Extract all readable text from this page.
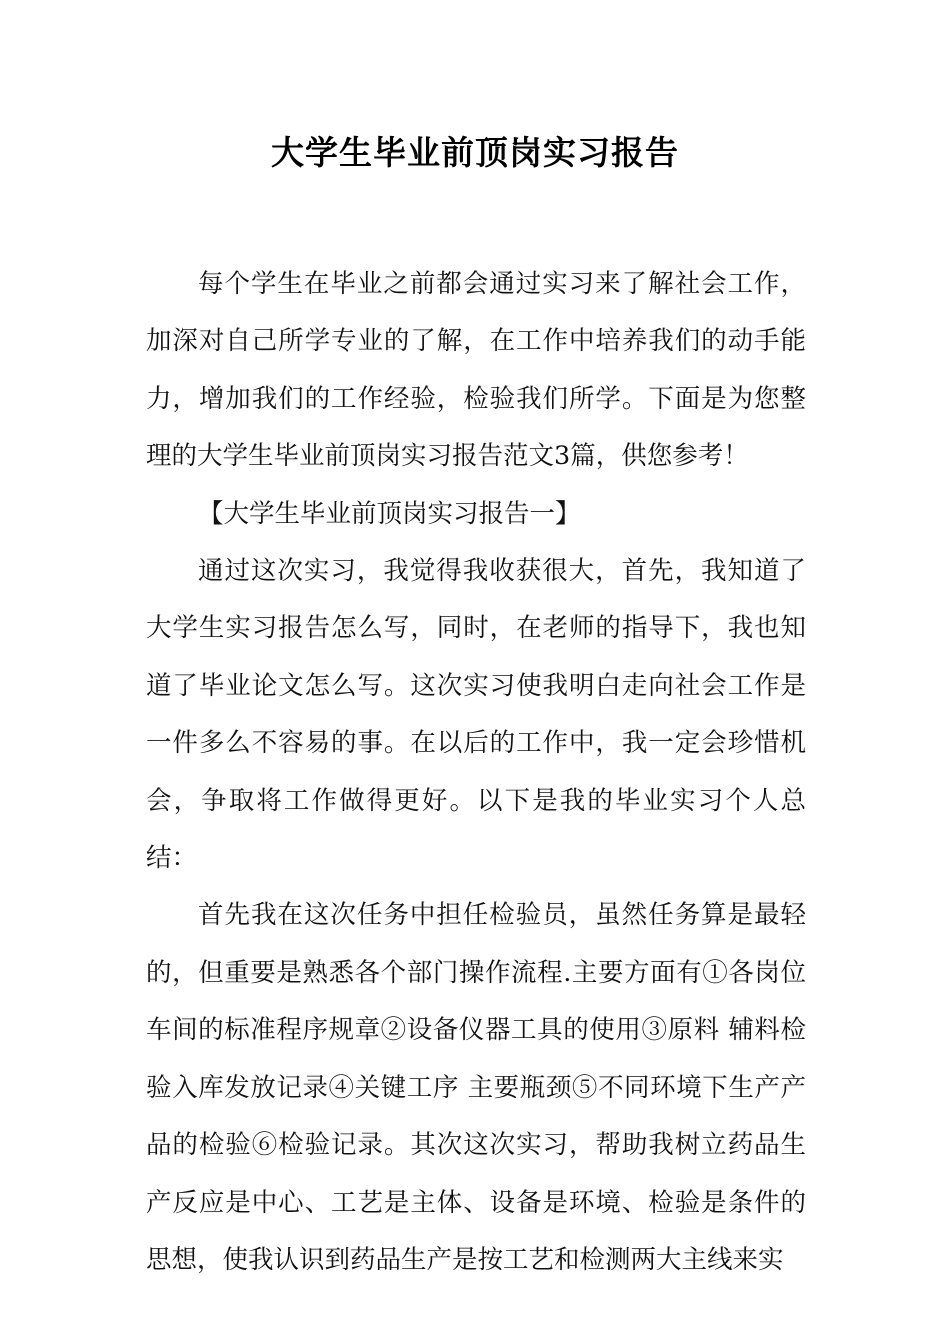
大学生毕业前顶岗实习报告

每个学生在毕业之前都会通过实习来了解社会工作，加深对自己所学专业的了解，在工作中培养我们的动手能力，增加我们的工作经验，检验我们所学。下面是为您整理的大学生毕业前顶岗实习报告范文3篇，供您参考！

【大学生毕业前顶岗实习报告一】

通过这次实习，我觉得我收获很大，首先，我知道了大学生实习报告怎么写，同时，在老师的指导下，我也知道了毕业论文怎么写。这次实习使我明白走向社会工作是一件多么不容易的事。在以后的工作中，我一定会珍惜机会，争取将工作做得更好。以下是我的毕业实习个人总结：

首先我在这次任务中担任检验员，虽然任务算是最轻的，但重要是熟悉各个部门操作流程.主要方面有①各岗位车间的标准程序规章②设备仪器工具的使用③原料 辅料检验入库发放记录④关键工序 主要瓶颈⑤不同环境下生产产品的检验⑥检验记录。其次这次实习，帮助我树立药品生产反应是中心、工艺是主体、设备是环境、检验是条件的思想，使我认识到药品生产是按工艺和检测两大主线来实
